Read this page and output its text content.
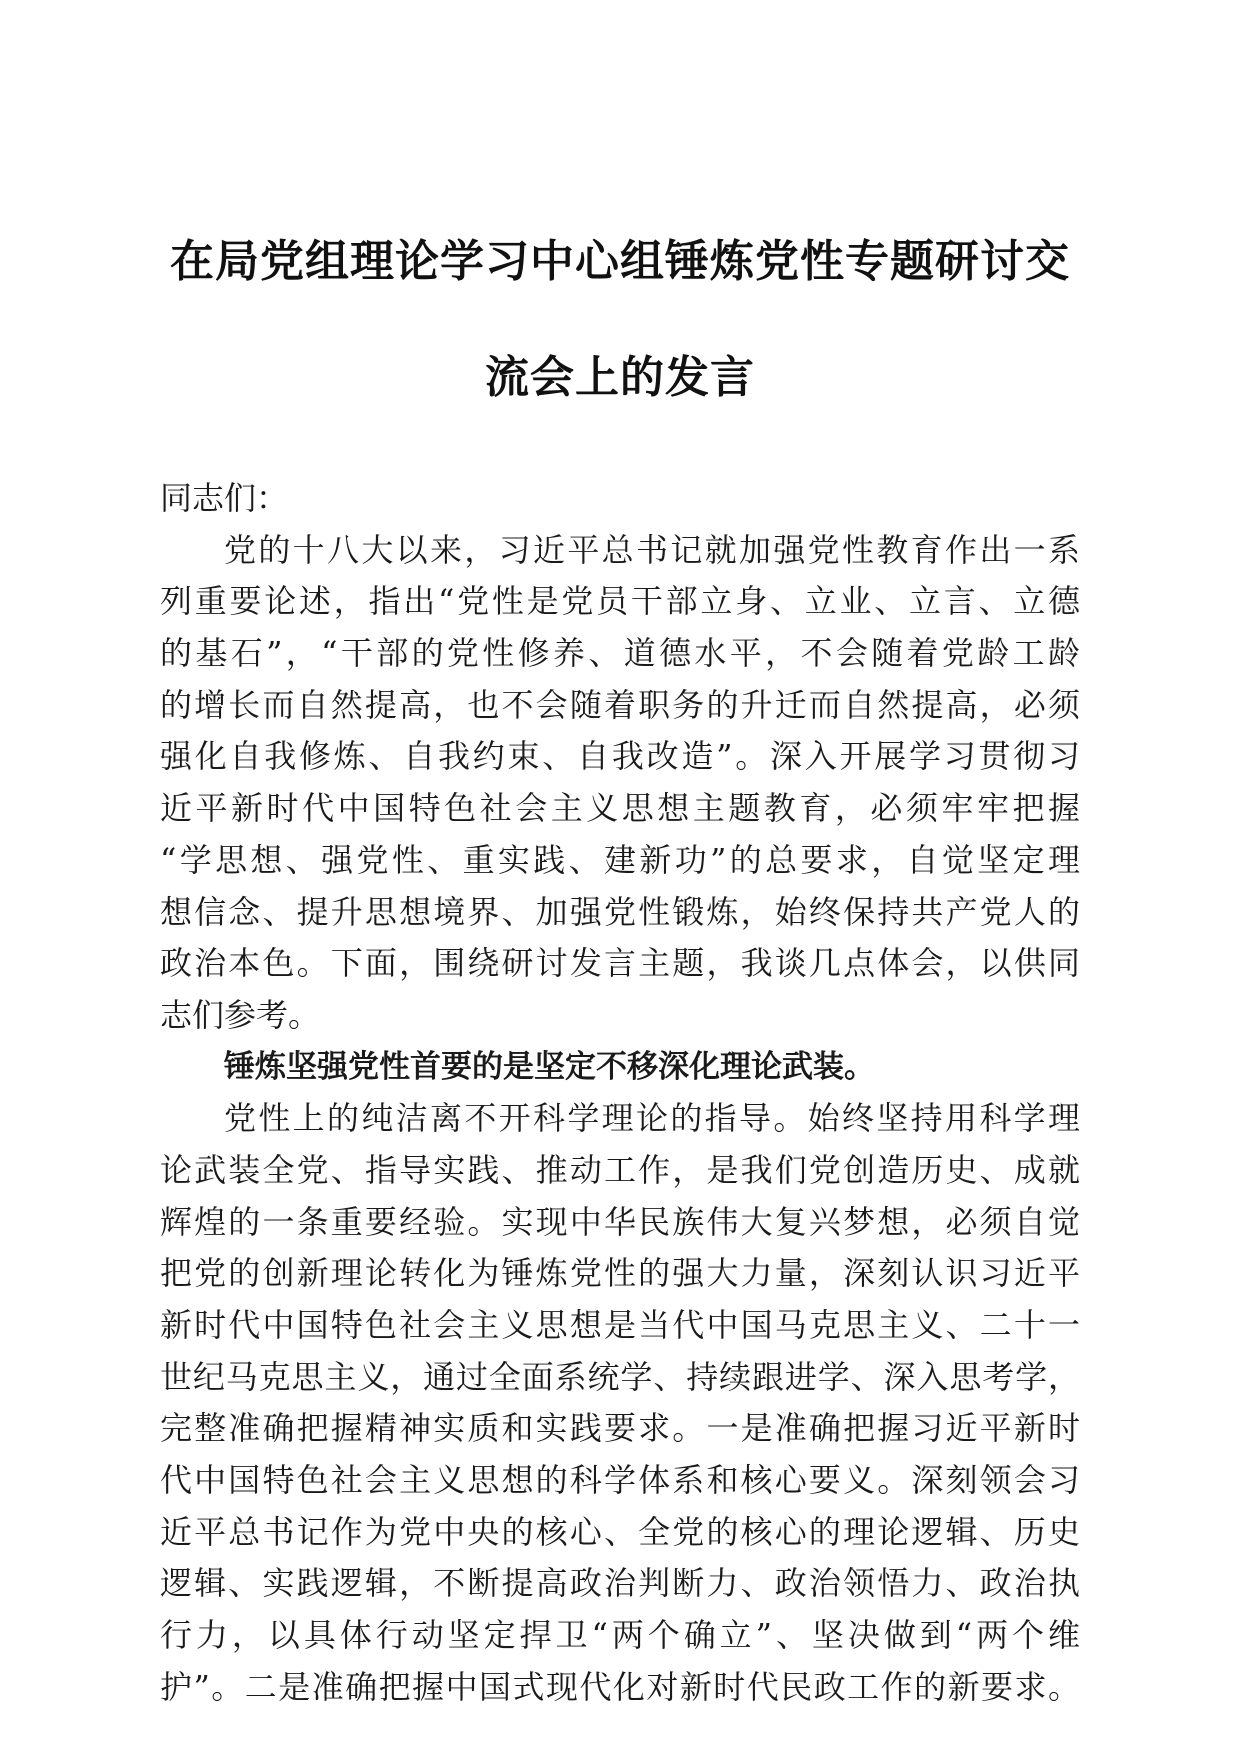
在局党组理论学习中心组锤炼党性专题研讨交
流会上的发言
同志们：
党的十八大以来，习近平总书记就加强党性教育作出一系
列重要论述，指出“党性是党员干部立身、立业、立言、立德
的基石”，“干部的党性修养、道德水平，不会随着党龄工龄
的增长而自然提高，也不会随着职务的升迁而自然提高，必须
强化自我修炼、自我约束、自我改造”。深入开展学习贯彻习
近平新时代中国特色社会主义思想主题教育，必须牢牢把握
“学思想、强党性、重实践、建新功”的总要求，自觉坚定理
想信念、提升思想境界、加强党性锻炼，始终保持共产党人的
政治本色。下面，围绕研讨发言主题，我谈几点体会，以供同
志们参考。
锤炼坚强党性首要的是坚定不移深化理论武装。
党性上的纯洁离不开科学理论的指导。始终坚持用科学理
论武装全党、指导实践、推动工作，是我们党创造历史、成就
辉煌的一条重要经验。实现中华民族伟大复兴梦想，必须自觉
把党的创新理论转化为锤炼党性的强大力量，深刻认识习近平
新时代中国特色社会主义思想是当代中国马克思主义、二十一
世纪马克思主义，通过全面系统学、持续跟进学、深入思考学，
完整准确把握精神实质和实践要求。一是准确把握习近平新时
代中国特色社会主义思想的科学体系和核心要义。深刻领会习
近平总书记作为党中央的核心、全党的核心的理论逻辑、历史
逻辑、实践逻辑，不断提高政治判断力、政治领悟力、政治执
行力，以具体行动坚定捍卫“两个确立”、坚决做到“两个维
护”。二是准确把握中国式现代化对新时代民政工作的新要求。
